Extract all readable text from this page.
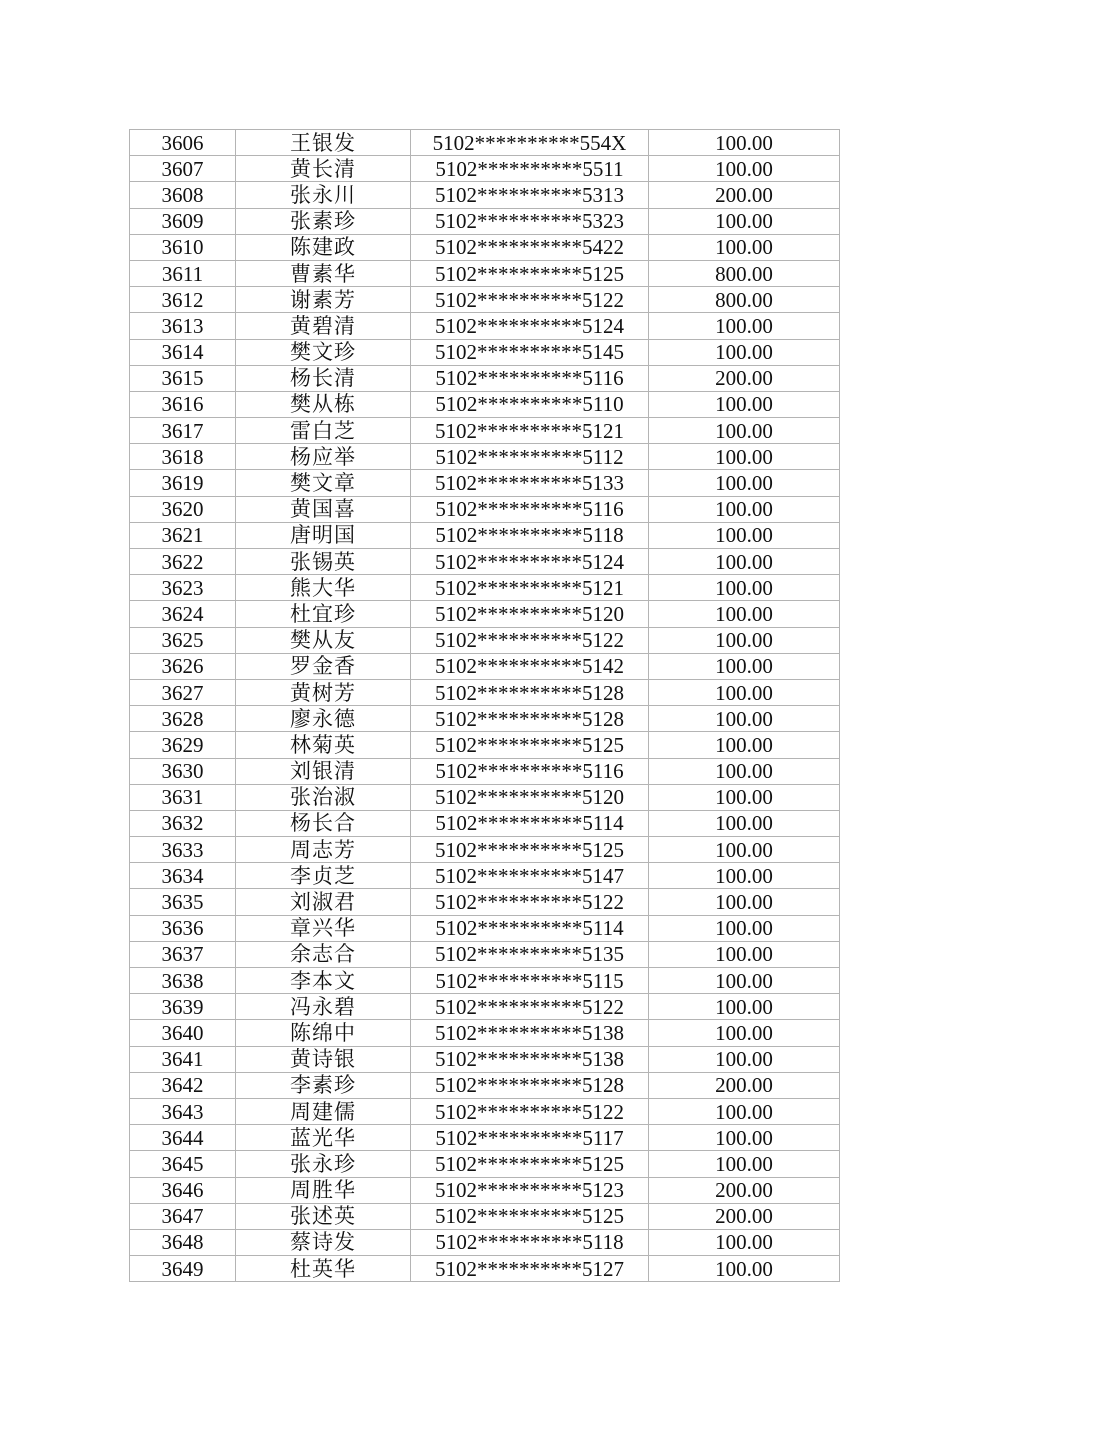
3606	王银发	5102**********554X	100.00
3607	黄长清	5102**********5511	100.00
3608	张永川	5102**********5313	200.00
3609	张素珍	5102**********5323	100.00
3610	陈建政	5102**********5422	100.00
3611	曹素华	5102**********5125	800.00
3612	谢素芳	5102**********5122	800.00
3613	黄碧清	5102**********5124	100.00
3614	樊文珍	5102**********5145	100.00
3615	杨长清	5102**********5116	200.00
3616	樊从栋	5102**********5110	100.00
3617	雷白芝	5102**********5121	100.00
3618	杨应举	5102**********5112	100.00
3619	樊文章	5102**********5133	100.00
3620	黄国喜	5102**********5116	100.00
3621	唐明国	5102**********5118	100.00
3622	张锡英	5102**********5124	100.00
3623	熊大华	5102**********5121	100.00
3624	杜宜珍	5102**********5120	100.00
3625	樊从友	5102**********5122	100.00
3626	罗金香	5102**********5142	100.00
3627	黄树芳	5102**********5128	100.00
3628	廖永德	5102**********5128	100.00
3629	林菊英	5102**********5125	100.00
3630	刘银清	5102**********5116	100.00
3631	张治淑	5102**********5120	100.00
3632	杨长合	5102**********5114	100.00
3633	周志芳	5102**********5125	100.00
3634	李贞芝	5102**********5147	100.00
3635	刘淑君	5102**********5122	100.00
3636	章兴华	5102**********5114	100.00
3637	余志合	5102**********5135	100.00
3638	李本文	5102**********5115	100.00
3639	冯永碧	5102**********5122	100.00
3640	陈绵中	5102**********5138	100.00
3641	黄诗银	5102**********5138	100.00
3642	李素珍	5102**********5128	200.00
3643	周建儒	5102**********5122	100.00
3644	蓝光华	5102**********5117	100.00
3645	张永珍	5102**********5125	100.00
3646	周胜华	5102**********5123	200.00
3647	张述英	5102**********5125	200.00
3648	蔡诗发	5102**********5118	100.00
3649	杜英华	5102**********5127	100.00
